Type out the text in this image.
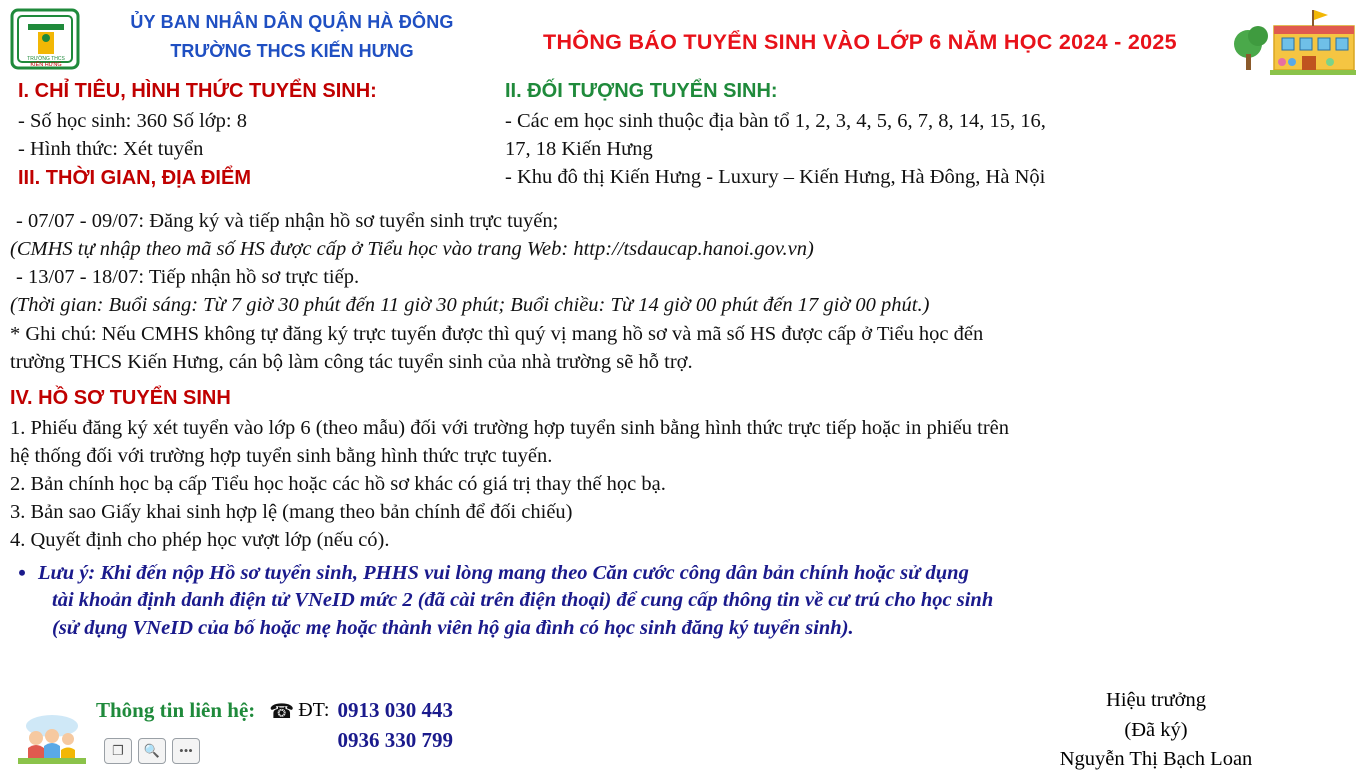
TRƯỜNG THCS
KIẾN HƯNG
ỦY BAN NHÂN DÂN QUẬN HÀ ĐÔNG
TRƯỜNG THCS KIẾN HƯNG	THÔNG BÁO TUYỂN SINH VÀO LỚP 6 NĂM HỌC 2024 - 2025
I. CHỈ TIÊU, HÌNH THỨC TUYỂN SINH:
- Số học sinh: 360 Số lớp: 8
- Hình thức: Xét tuyển
III. THỜI GIAN, ĐỊA ĐIỂM
II. ĐỐI TƯỢNG TUYỂN SINH:
- Các em học sinh thuộc địa bàn tổ 1, 2, 3, 4, 5, 6, 7, 8, 14, 15, 16,
17, 18 Kiến Hưng
- Khu đô thị Kiến Hưng - Luxury – Kiến Hưng, Hà Đông, Hà Nội
- 07/07 - 09/07: Đăng ký và tiếp nhận hồ sơ tuyển sinh trực tuyến;
(CMHS tự nhập theo mã số HS được cấp ở Tiểu học vào trang Web: http://tsdaucap.hanoi.gov.vn)
- 13/07 - 18/07: Tiếp nhận hồ sơ trực tiếp.
(Thời gian: Buổi sáng: Từ 7 giờ 30 phút đến 11 giờ 30 phút; Buổi chiều: Từ 14 giờ 00 phút đến 17 giờ 00 phút.)
* Ghi chú: Nếu CMHS không tự đăng ký trực tuyến được thì quý vị mang hồ sơ và mã số HS được cấp ở Tiểu học đến
trường THCS Kiến Hưng, cán bộ làm công tác tuyển sinh của nhà trường sẽ hỗ trợ.
IV. HỒ SƠ TUYỂN SINH
1. Phiếu đăng ký xét tuyển vào lớp 6 (theo mẫu) đối với trường hợp tuyển sinh bằng hình thức trực tiếp hoặc in phiếu trên
hệ thống đối với trường hợp tuyển sinh bằng hình thức trực tuyến.
2. Bản chính học bạ cấp Tiểu học hoặc các hồ sơ khác có giá trị thay thế học bạ.
3. Bản sao Giấy khai sinh hợp lệ (mang theo bản chính để đối chiếu)
4. Quyết định cho phép học vượt lớp (nếu có).
• Lưu ý: Khi đến nộp Hồ sơ tuyển sinh, PHHS vui lòng mang theo Căn cước công dân bản chính hoặc sử dụng
tài khoản định danh điện tử VNeID mức 2 (đã cài trên điện thoại) để cung cấp thông tin về cư trú cho học sinh
(sử dụng VNeID của bố hoặc mẹ hoặc thành viên hộ gia đình có học sinh đăng ký tuyển sinh).
❐	🔍	•••
Thông tin liên hệ: ☎ ĐT: 0913 030 443
0936 330 799
Hiệu trưởng
(Đã ký)
Nguyễn Thị Bạch Loan
